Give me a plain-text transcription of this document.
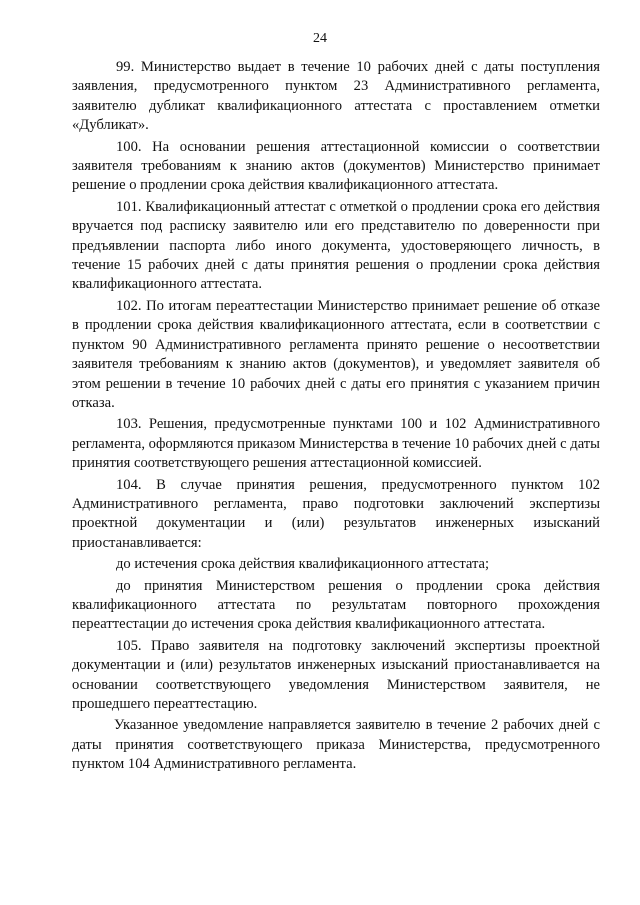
24

99. Министерство выдает в течение 10 рабочих дней с даты поступления заявления, предусмотренного пунктом 23 Административного регламента, заявителю дубликат квалификационного аттестата с проставлением отметки «Дубликат».

100. На основании решения аттестационной комиссии о соответствии заявителя требованиям к знанию актов (документов) Министерство принимает решение о продлении срока действия квалификационного аттестата.

101. Квалификационный аттестат с отметкой о продлении срока его действия вручается под расписку заявителю или его представителю по доверенности при предъявлении паспорта либо иного документа, удостоверяющего личность, в течение 15 рабочих дней с даты принятия решения о продлении срока действия квалификационного аттестата.

102. По итогам переаттестации Министерство принимает решение об отказе в продлении срока действия квалификационного аттестата, если в соответствии с пунктом 90 Административного регламента принято решение о несоответствии заявителя требованиям к знанию актов (документов), и уведомляет заявителя об этом решении в течение 10 рабочих дней с даты его принятия с указанием причин отказа.

103. Решения, предусмотренные пунктами 100 и 102 Административного регламента, оформляются приказом Министерства в течение 10 рабочих дней с даты принятия соответствующего решения аттестационной комиссией.

104. В случае принятия решения, предусмотренного пунктом 102 Административного регламента, право подготовки заключений экспертизы проектной документации и (или) результатов инженерных изысканий приостанавливается:

до истечения срока действия квалификационного аттестата;

до принятия Министерством решения о продлении срока действия квалификационного аттестата по результатам повторного прохождения переаттестации до истечения срока действия квалификационного аттестата.

105. Право заявителя на подготовку заключений экспертизы проектной документации и (или) результатов инженерных изысканий приостанавливается на основании соответствующего уведомления Министерством заявителя, не прошедшего переаттестацию.

Указанное уведомление направляется заявителю в течение 2 рабочих дней с даты принятия соответствующего приказа Министерства, предусмотренного пунктом 104 Административного регламента.
